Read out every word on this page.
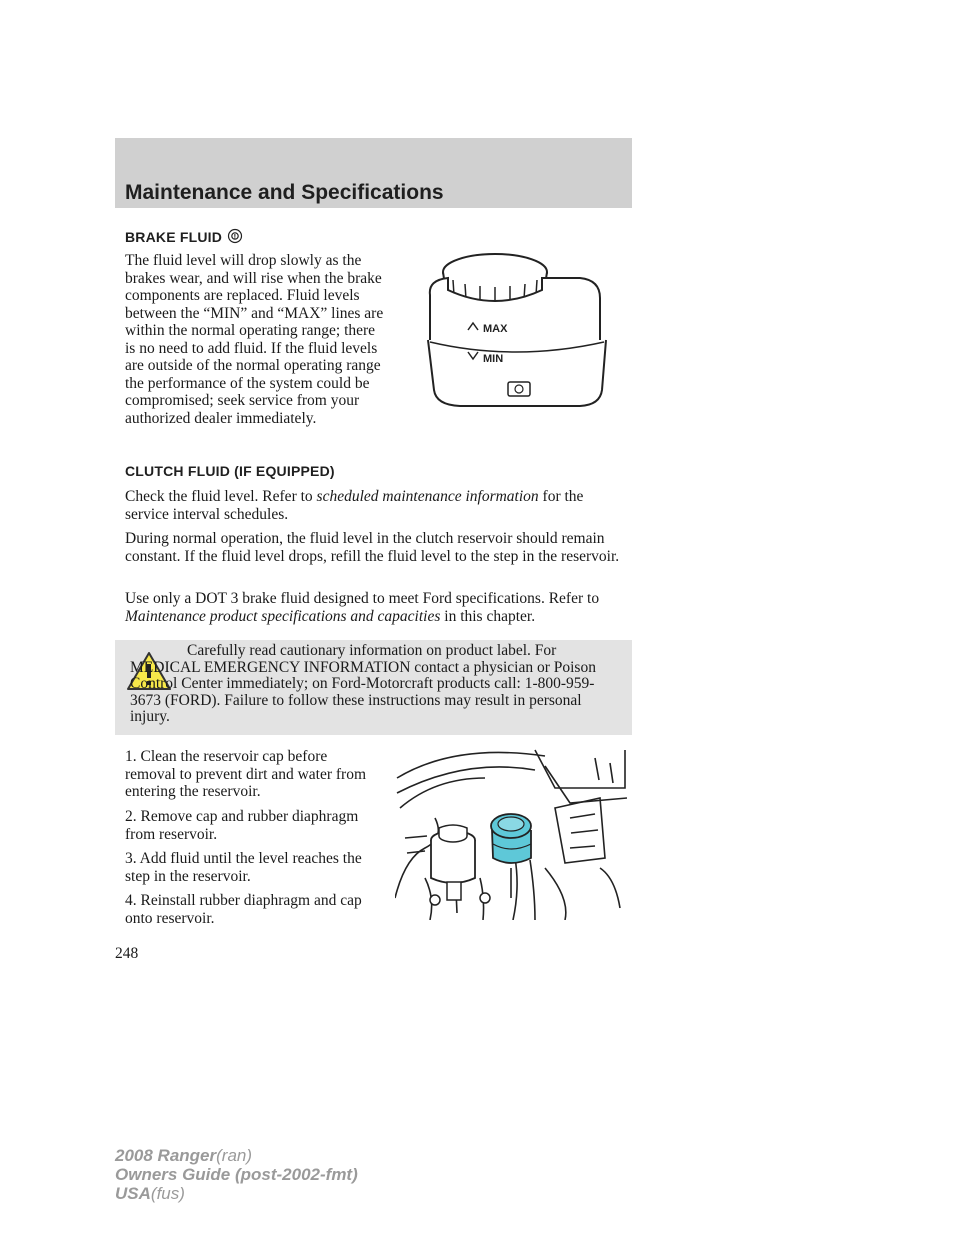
Maintenance and Specifications
BRAKE FLUID !

The fluid level will drop slowly as the brakes wear, and will rise when the brake components are replaced. Fluid levels between the “MIN” and “MAX” lines are within the normal operating range; there is no need to add fluid. If the fluid levels are outside of the normal operating range the performance of the system could be compromised; seek service from your authorized dealer immediately.

MAX
MIN
CLUTCH FLUID (IF EQUIPPED)

Check the fluid level. Refer to scheduled maintenance information for the service interval schedules.

During normal operation, the fluid level in the clutch reservoir should remain constant. If the fluid level drops, refill the fluid level to the step in the reservoir.

Use only a DOT 3 brake fluid designed to meet Ford specifications. Refer to Maintenance product specifications and capacities in this chapter.

Carefully read cautionary information on product label. For MEDICAL EMERGENCY INFORMATION contact a physician or Poison Control Center immediately; on Ford-Motorcraft products call: 1-800-959-3673 (FORD). Failure to follow these instructions may result in personal injury.

1. Clean the reservoir cap before removal to prevent dirt and water from entering the reservoir.

2. Remove cap and rubber diaphragm from reservoir.

3. Add fluid until the level reaches the step in the reservoir.

4. Reinstall rubber diaphragm and cap onto reservoir.

248

2008 Ranger(ran)
Owners Guide (post-2002-fmt)
USA(fus)
